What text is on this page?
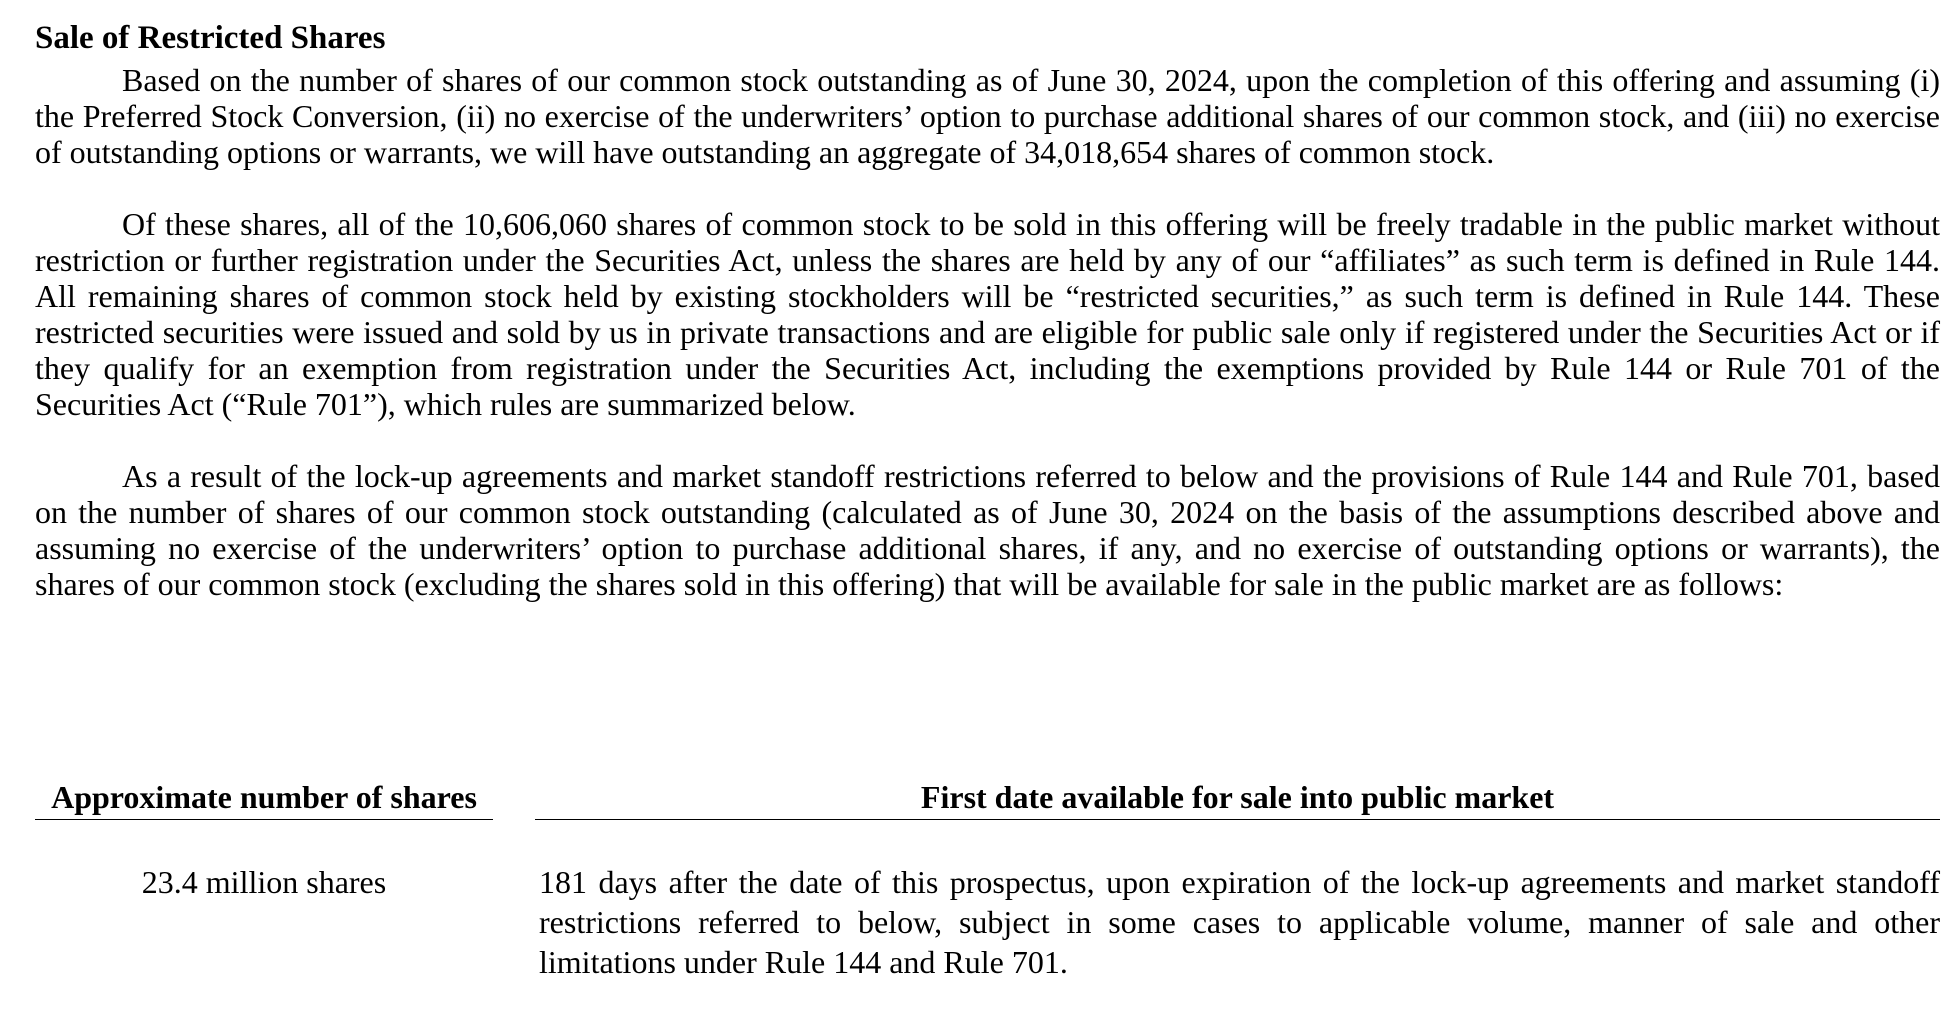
Sale of Restricted Shares

Based on the number of shares of our common stock outstanding as of June 30, 2024, upon the completion of this offering and assuming (i) the Preferred Stock Conversion, (ii) no exercise of the underwriters’ option to purchase additional shares of our common stock, and (iii) no exercise of outstanding options or warrants, we will have outstanding an aggregate of 34,018,654 shares of common stock.

Of these shares, all of the 10,606,060 shares of common stock to be sold in this offering will be freely tradable in the public market without restriction or further registration under the Securities Act, unless the shares are held by any of our “affiliates” as such term is defined in Rule 144. All remaining shares of common stock held by existing stockholders will be “restricted securities,” as such term is defined in Rule 144. These restricted securities were issued and sold by us in private transactions and are eligible for public sale only if registered under the Securities Act or if they qualify for an exemption from registration under the Securities Act, including the exemptions provided by Rule 144 or Rule 701 of the Securities Act (“Rule 701”), which rules are summarized below.

As a result of the lock-up agreements and market standoff restrictions referred to below and the provisions of Rule 144 and Rule 701, based on the number of shares of our common stock outstanding (calculated as of June 30, 2024 on the basis of the assumptions described above and assuming no exercise of the underwriters’ option to purchase additional shares, if any, and no exercise of outstanding options or warrants), the shares of our common stock (excluding the shares sold in this offering) that will be available for sale in the public market are as follows:

Approximate number of shares	First date available for sale into public market
23.4 million shares	181 days after the date of this prospectus, upon expiration of the lock-up agreements and market standoff restrictions referred to below, subject in some cases to applicable volume, manner of sale and other limitations under Rule 144 and Rule 701.
